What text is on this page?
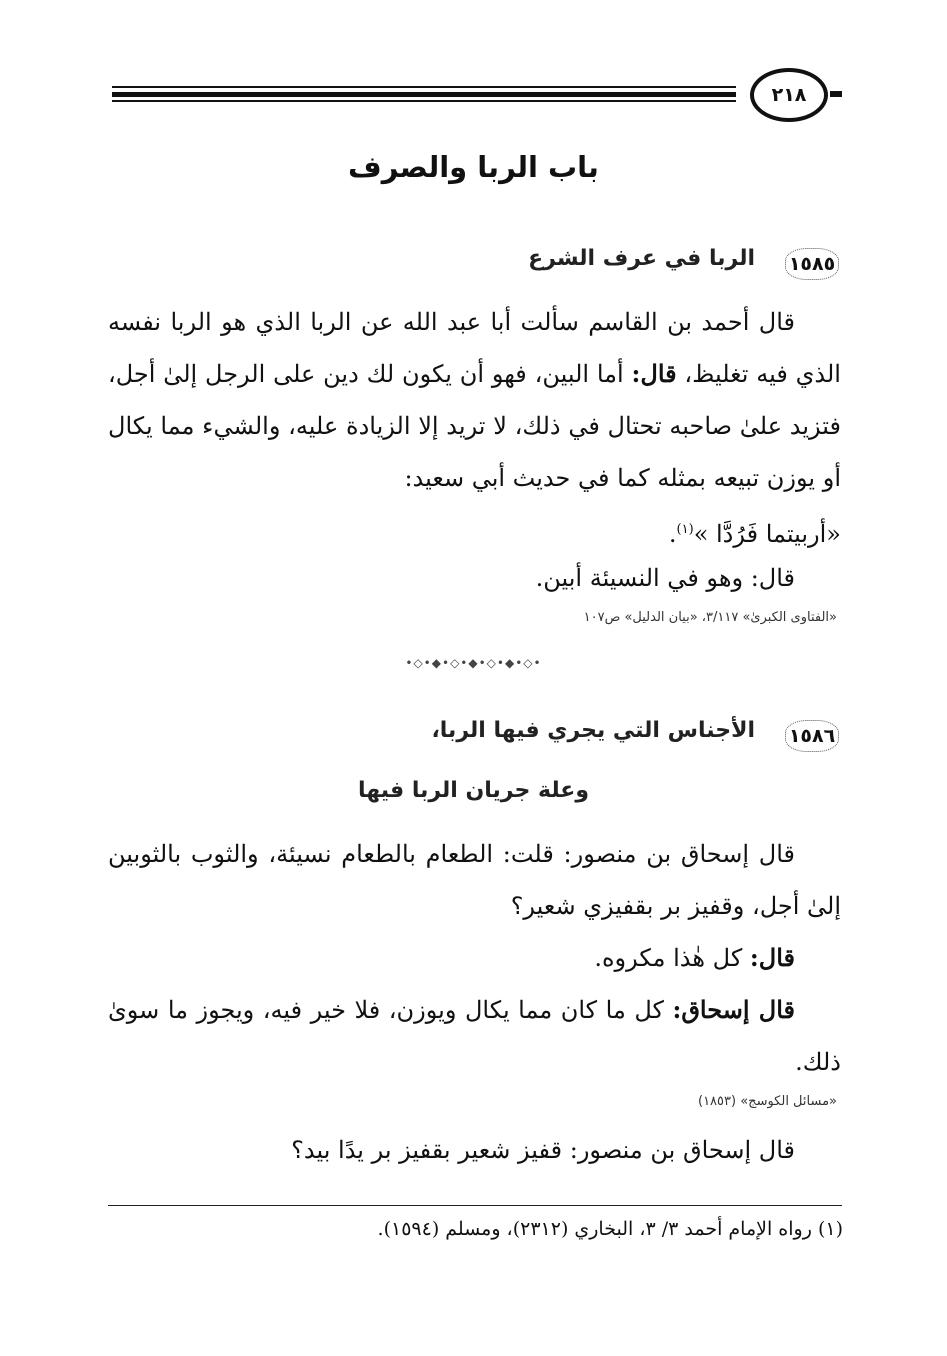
٢١٨
باب الربا والصرف
١٥٨٥
الربا في عرف الشرع
قال أحمد بن القاسم سألت أبا عبد الله عن الربا الذي هو الربا نفسه الذي فيه تغليظ، قال: أما البين، فهو أن يكون لك دين على الرجل إلىٰ أجل، فتزيد علىٰ صاحبه تحتال في ذلك، لا تريد إلا الزيادة عليه، والشيء مما يكال أو يوزن تبيعه بمثله كما في حديث أبي سعيد:
«أربيتما فَرُدَّا »$^{(١)}$.
قال: وهو في النسيئة أبين.
«الفتاوى الكبرىٰ» ٣/١١٧، «بيان الدليل» ص١٠٧
•◇•◆•◇•◆•◇•◆•◇•
١٥٨٦
الأجناس التي يجري فيها الربا،
وعلة جريان الربا فيها
قال إسحاق بن منصور: قلت: الطعام بالطعام نسيئة، والثوب بالثوبين إلىٰ أجل، وقفيز بر بقفيزي شعير؟
قال: كل هٰذا مكروه.
قال إسحاق: كل ما كان مما يكال ويوزن، فلا خير فيه، ويجوز ما سوىٰ ذلك.
«مسائل الكوسج» (١٨٥٣)
قال إسحاق بن منصور: قفيز شعير بقفيز بر يدًا بيد؟
(١) رواه الإمام أحمد ٣/ ٣، البخاري (٢٣١٢)، ومسلم (١٥٩٤).
